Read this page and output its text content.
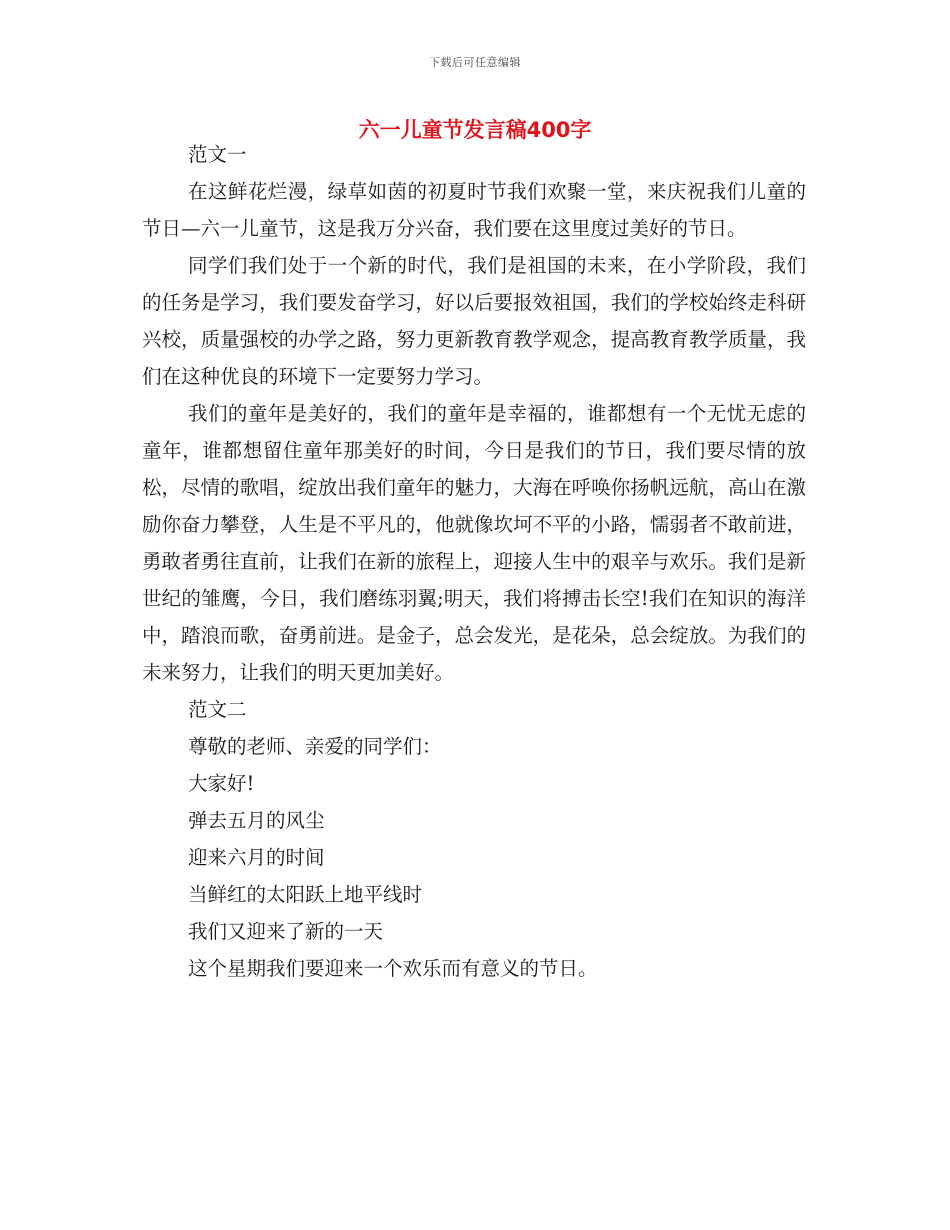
下载后可任意编辑
六一儿童节发言稿400字

范文一

在这鲜花烂漫，绿草如茵的初夏时节我们欢聚一堂，来庆祝我们儿童的节日—六一儿童节，这是我万分兴奋，我们要在这里度过美好的节日。

同学们我们处于一个新的时代，我们是祖国的未来，在小学阶段，我们的任务是学习，我们要发奋学习，好以后要报效祖国，我们的学校始终走科研兴校，质量强校的办学之路，努力更新教育教学观念，提高教育教学质量，我们在这种优良的环境下一定要努力学习。

我们的童年是美好的，我们的童年是幸福的，谁都想有一个无忧无虑的童年，谁都想留住童年那美好的时间，今日是我们的节日，我们要尽情的放松，尽情的歌唱，绽放出我们童年的魅力，大海在呼唤你扬帆远航，高山在激励你奋力攀登，人生是不平凡的，他就像坎坷不平的小路，懦弱者不敢前进，勇敢者勇往直前，让我们在新的旅程上，迎接人生中的艰辛与欢乐。我们是新世纪的雏鹰，今日，我们磨练羽翼;明天，我们将搏击长空!我们在知识的海洋中，踏浪而歌，奋勇前进。是金子，总会发光，是花朵，总会绽放。为我们的未来努力，让我们的明天更加美好。

范文二

尊敬的老师、亲爱的同学们：

大家好!

弹去五月的风尘

迎来六月的时间

当鲜红的太阳跃上地平线时

我们又迎来了新的一天

这个星期我们要迎来一个欢乐而有意义的节日。
